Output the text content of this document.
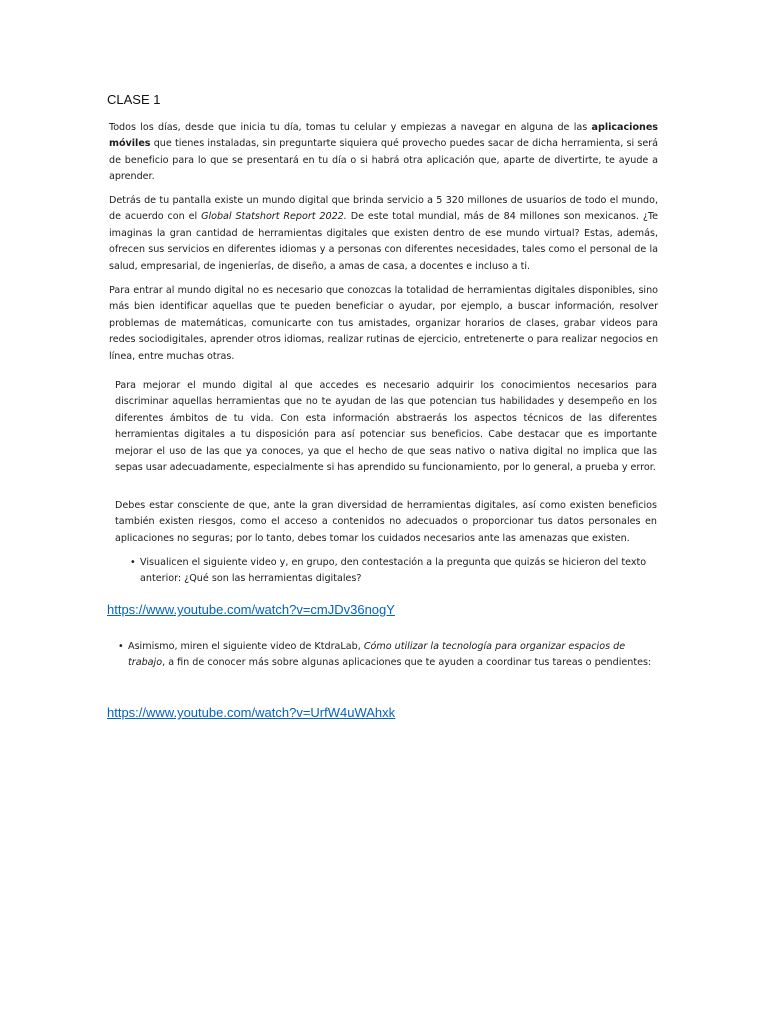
CLASE 1

Todos los días, desde que inicia tu día, tomas tu celular y empiezas a navegar en alguna de las aplicaciones móviles que tienes instaladas, sin preguntarte siquiera qué provecho puedes sacar de dicha herramienta, si será de beneficio para lo que se presentará en tu día o si habrá otra aplicación que, aparte de divertirte, te ayude a aprender.

Detrás de tu pantalla existe un mundo digital que brinda servicio a 5 320 millones de usuarios de todo el mundo, de acuerdo con el Global Statshort Report 2022. De este total mundial, más de 84 millones son mexicanos. ¿Te imaginas la gran cantidad de herramientas digitales que existen dentro de ese mundo virtual? Estas, además, ofrecen sus servicios en diferentes idiomas y a personas con diferentes necesidades, tales como el personal de la salud, empresarial, de ingenierías, de diseño, a amas de casa, a docentes e incluso a ti.

Para entrar al mundo digital no es necesario que conozcas la totalidad de herramientas digitales disponibles, sino más bien identificar aquellas que te pueden beneficiar o ayudar, por ejemplo, a buscar información, resolver problemas de matemáticas, comunicarte con tus amistades, organizar horarios de clases, grabar videos para redes sociodigitales, aprender otros idiomas, realizar rutinas de ejercicio, entretenerte o para realizar negocios en línea, entre muchas otras.

Para mejorar el mundo digital al que accedes es necesario adquirir los conocimientos necesarios para discriminar aquellas herramientas que no te ayudan de las que potencian tus habilidades y desempeño en los diferentes ámbitos de tu vida. Con esta información abstraerás los aspectos técnicos de las diferentes herramientas digitales a tu disposición para así potenciar sus beneficios. Cabe destacar que es importante mejorar el uso de las que ya conoces, ya que el hecho de que seas nativo o nativa digital no implica que las sepas usar adecuadamente, especialmente si has aprendido su funcionamiento, por lo general, a prueba y error.

Debes estar consciente de que, ante la gran diversidad de herramientas digitales, así como existen beneficios también existen riesgos, como el acceso a contenidos no adecuados o proporcionar tus datos personales en aplicaciones no seguras; por lo tanto, debes tomar los cuidados necesarios ante las amenazas que existen.

• Visualicen el siguiente video y, en grupo, den contestación a la pregunta que quizás se hicieron del texto anterior: ¿Qué son las herramientas digitales?
https://www.youtube.com/watch?v=cmJDv36nogY
• Asimismo, miren el siguiente video de KtdraLab, Cómo utilizar la tecnología para organizar espacios de trabajo, a fin de conocer más sobre algunas aplicaciones que te ayuden a coordinar tus tareas o pendientes:
https://www.youtube.com/watch?v=UrfW4uWAhxk
